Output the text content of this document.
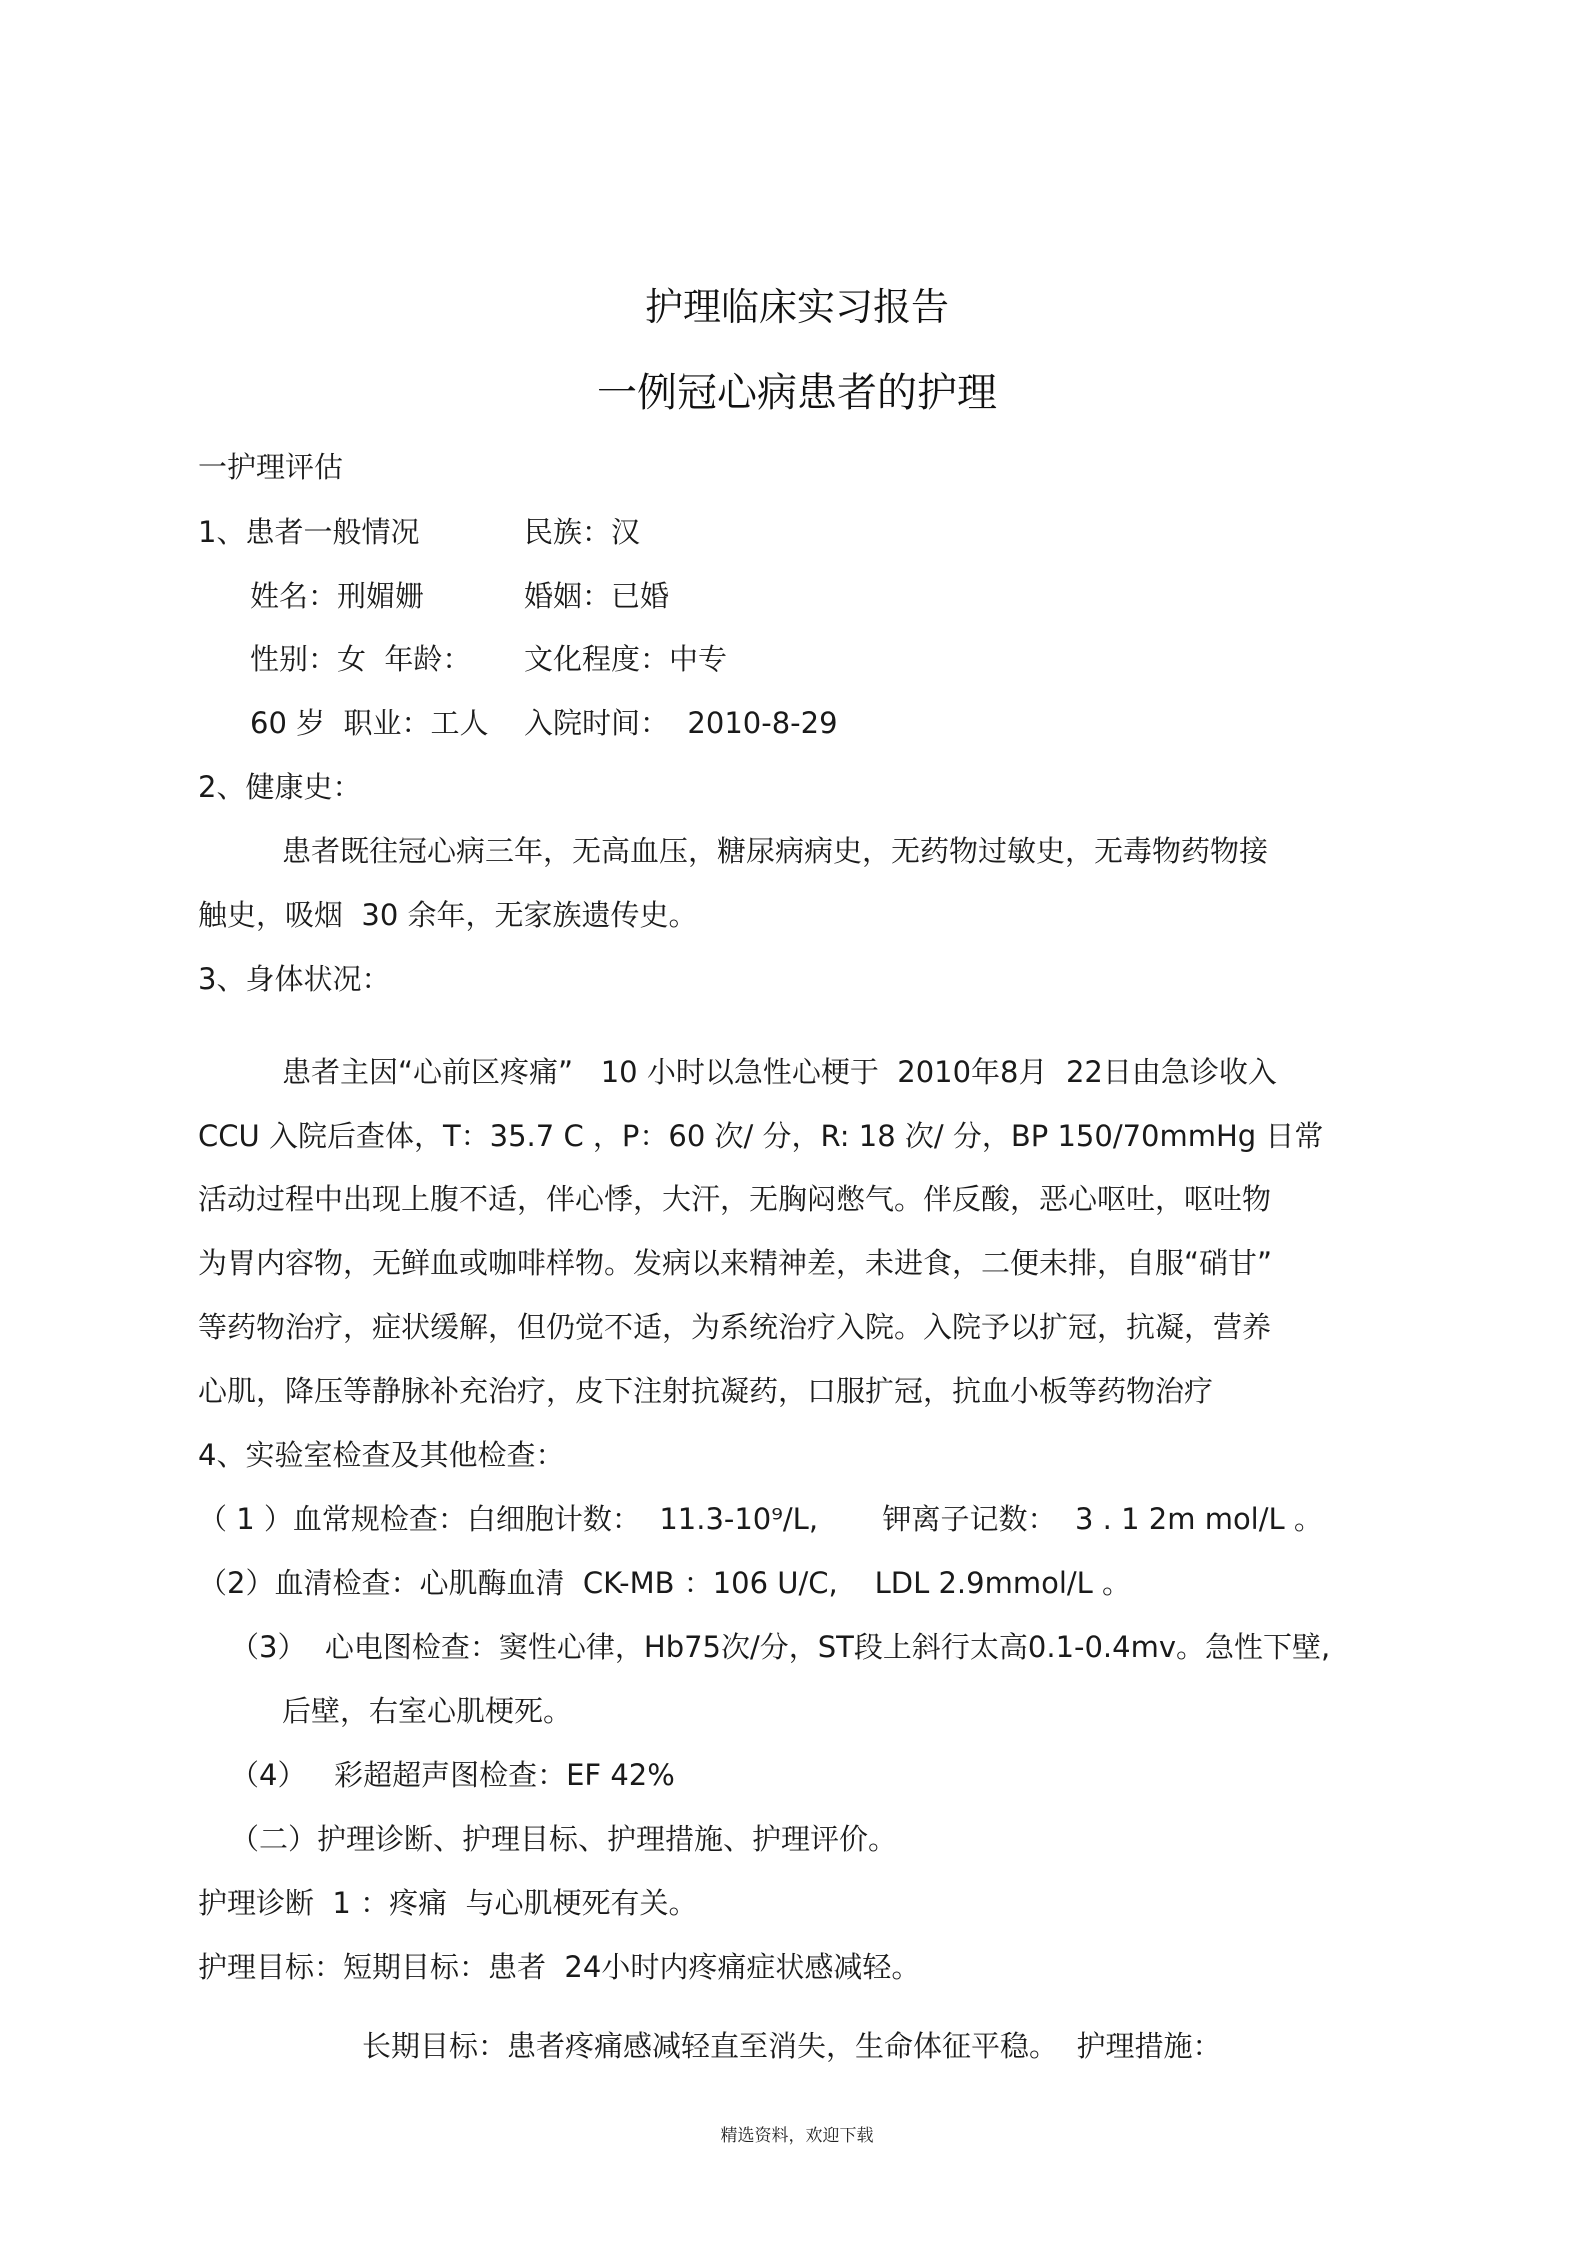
护理临床实习报告
一例冠心病患者的护理
一护理评估
1、患者一般情况	民族：汉
姓名：刑媚姗	婚姻：已婚
性别：女  年龄： 文化程度：中专
60 岁  职业：工人 入院时间：  2010-8-29
2、健康史：
患者既往冠心病三年，无高血压，糖尿病病史，无药物过敏史，无毒物药物接
触史，吸烟  30 余年，无家族遗传史。
3、身体状况：
患者主因“心前区疼痛”   10 小时以急性心梗于  2010年8月  22日由急诊收入
CCU 入院后查体，T：35.7 C ，P：60 次/ 分，R: 18 次/ 分，BP 150/70mmHg 日常
活动过程中出现上腹不适，伴心悸，大汗，无胸闷憋气。伴反酸，恶心呕吐，呕吐物
为胃内容物，无鲜血或咖啡样物。发病以来精神差，未进食，二便未排，自服“硝甘”
等药物治疗，症状缓解，但仍觉不适，为系统治疗入院。入院予以扩冠，抗凝，营养
心肌，降压等静脉补充治疗，皮下注射抗凝药，口服扩冠，抗血小板等药物治疗
4、实验室检查及其他检查：
（ 1 ）血常规检查：白细胞计数：  11.3-10⁹/L,       钾离子记数：  3 . 1 2m mol/L 。
（2）血清检查：心肌酶血清  CK-MB ：106 U/C,    LDL 2.9mmol/L 。
（3）  心电图检查：窦性心律，Hb75次/分，ST段上斜行太高0.1-0.4mv。急性下壁,
后壁，右室心肌梗死。
（4）   彩超超声图检查：EF 42%
（二）护理诊断、护理目标、护理措施、护理评价。
护理诊断  1 ：疼痛  与心肌梗死有关。
护理目标：短期目标：患者  24小时内疼痛症状感减轻。
长期目标：患者疼痛感减轻直至消失，生命体征平稳。  护理措施：
精选资料，欢迎下载
